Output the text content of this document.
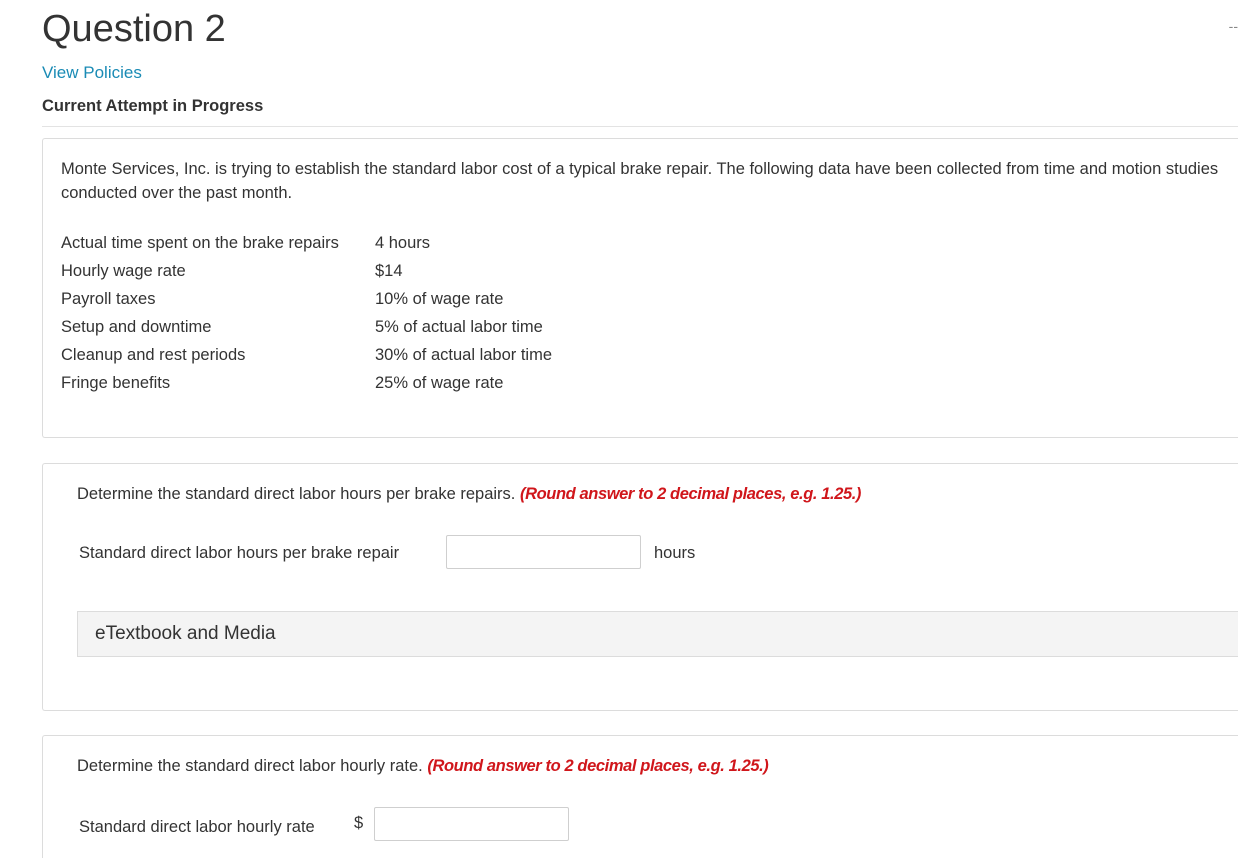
Question 2	--
View Policies
Current Attempt in Progress
Monte Services, Inc. is trying to establish the standard labor cost of a typical brake repair. The following data have been collected from time and motion studies conducted over the past month.
Actual time spent on the brake repairs	4 hours
Hourly wage rate	$14
Payroll taxes	10% of wage rate
Setup and downtime	5% of actual labor time
Cleanup and rest periods	30% of actual labor time
Fringe benefits	25% of wage rate
Determine the standard direct labor hours per brake repairs. (Round answer to 2 decimal places, e.g. 1.25.)
Standard direct labor hours per brake repair	hours
eTextbook and Media
Determine the standard direct labor hourly rate. (Round answer to 2 decimal places, e.g. 1.25.)
Standard direct labor hourly rate $
